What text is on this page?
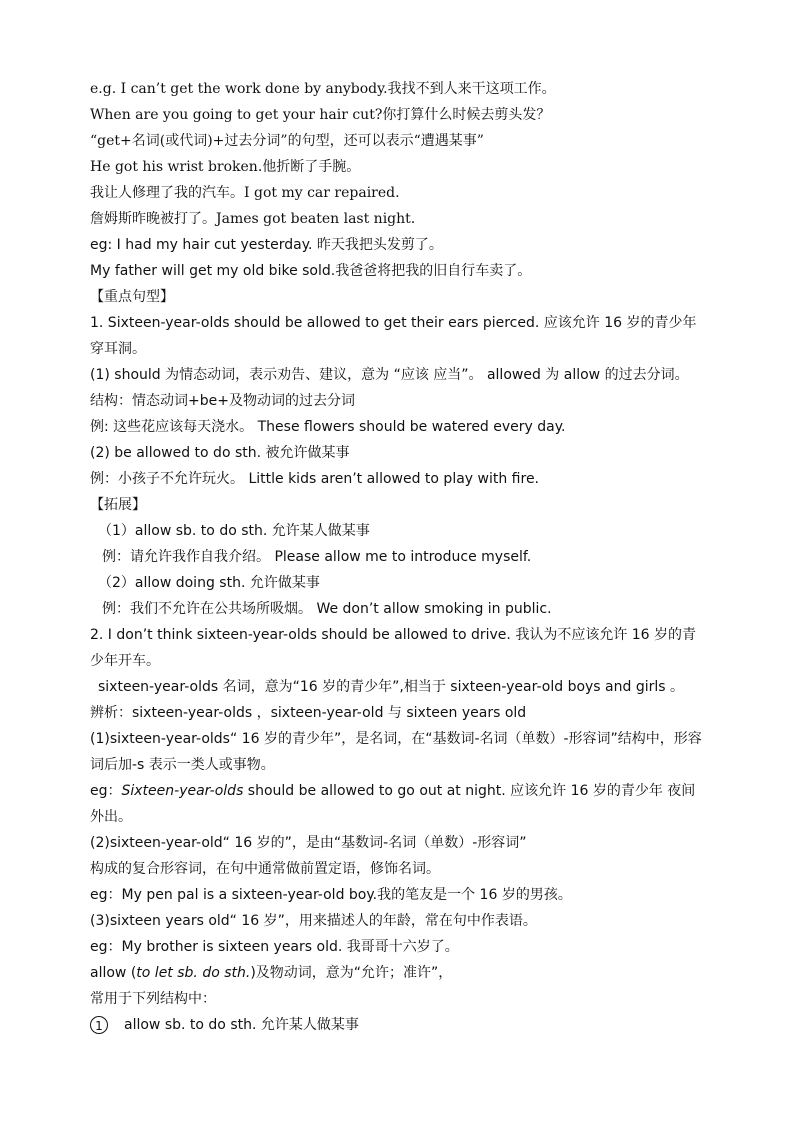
e.g. I can’t get the work done by anybody.我找不到人来干这项工作。
When are you going to get your hair cut?你打算什么时候去剪头发？
“get+名词(或代词)+过去分词”的句型，还可以表示“遭遇某事”
He got his wrist broken.他折断了手腕。
我让人修理了我的汽车。I got my car repaired.
詹姆斯昨晚被打了。James got beaten last night.
eg: I had my hair cut yesterday. 昨天我把头发剪了。
My father will get my old bike sold.我爸爸将把我的旧自行车卖了。
【重点句型】
1. Sixteen-year-olds should be allowed to get their ears pierced. 应该允许 16 岁的青少年穿耳洞。
(1) should 为情态动词，表示劝告、建议，意为 “应该 应当”。 allowed 为 allow 的过去分词。
结构：情态动词+be+及物动词的过去分词
例: 这些花应该每天浇水。 These flowers should be watered every day.
(2) be allowed to do sth. 被允许做某事
例：小孩子不允许玩火。 Little kids aren’t allowed to play with fire.
【拓展】
（1）allow sb. to do sth. 允许某人做某事
例：请允许我作自我介绍。 Please allow me to introduce myself.
（2）allow doing sth. 允许做某事
例：我们不允许在公共场所吸烟。 We don’t allow smoking in public.
2. I don’t think sixteen-year-olds should be allowed to drive. 我认为不应该允许 16 岁的青少年开车。
sixteen-year-olds 名词，意为“16 岁的青少年”,相当于 sixteen-year-old boys and girls 。
辨析：sixteen-year-olds ，sixteen-year-old 与 sixteen years old
(1)sixteen-year-olds“ 16 岁的青少年”，是名词，在“基数词-名词（单数）-形容词”结构中，形容词后加-s 表示一类人或事物。
eg：Sixteen-year-olds should be allowed to go out at night. 应该允许 16 岁的青少年 夜间外出。
(2)sixteen-year-old“ 16 岁的”，是由“基数词-名词（单数）-形容词”
构成的复合形容词，在句中通常做前置定语，修饰名词。
eg：My pen pal is a sixteen-year-old boy.我的笔友是一个 16 岁的男孩。
(3)sixteen years old“ 16 岁”，用来描述人的年龄，常在句中作表语。
eg：My brother is sixteen years old. 我哥哥十六岁了。
allow (to let sb. do sth.)及物动词，意为“允许；准许”，
常用于下列结构中：
1 allow sb. to do sth. 允许某人做某事
